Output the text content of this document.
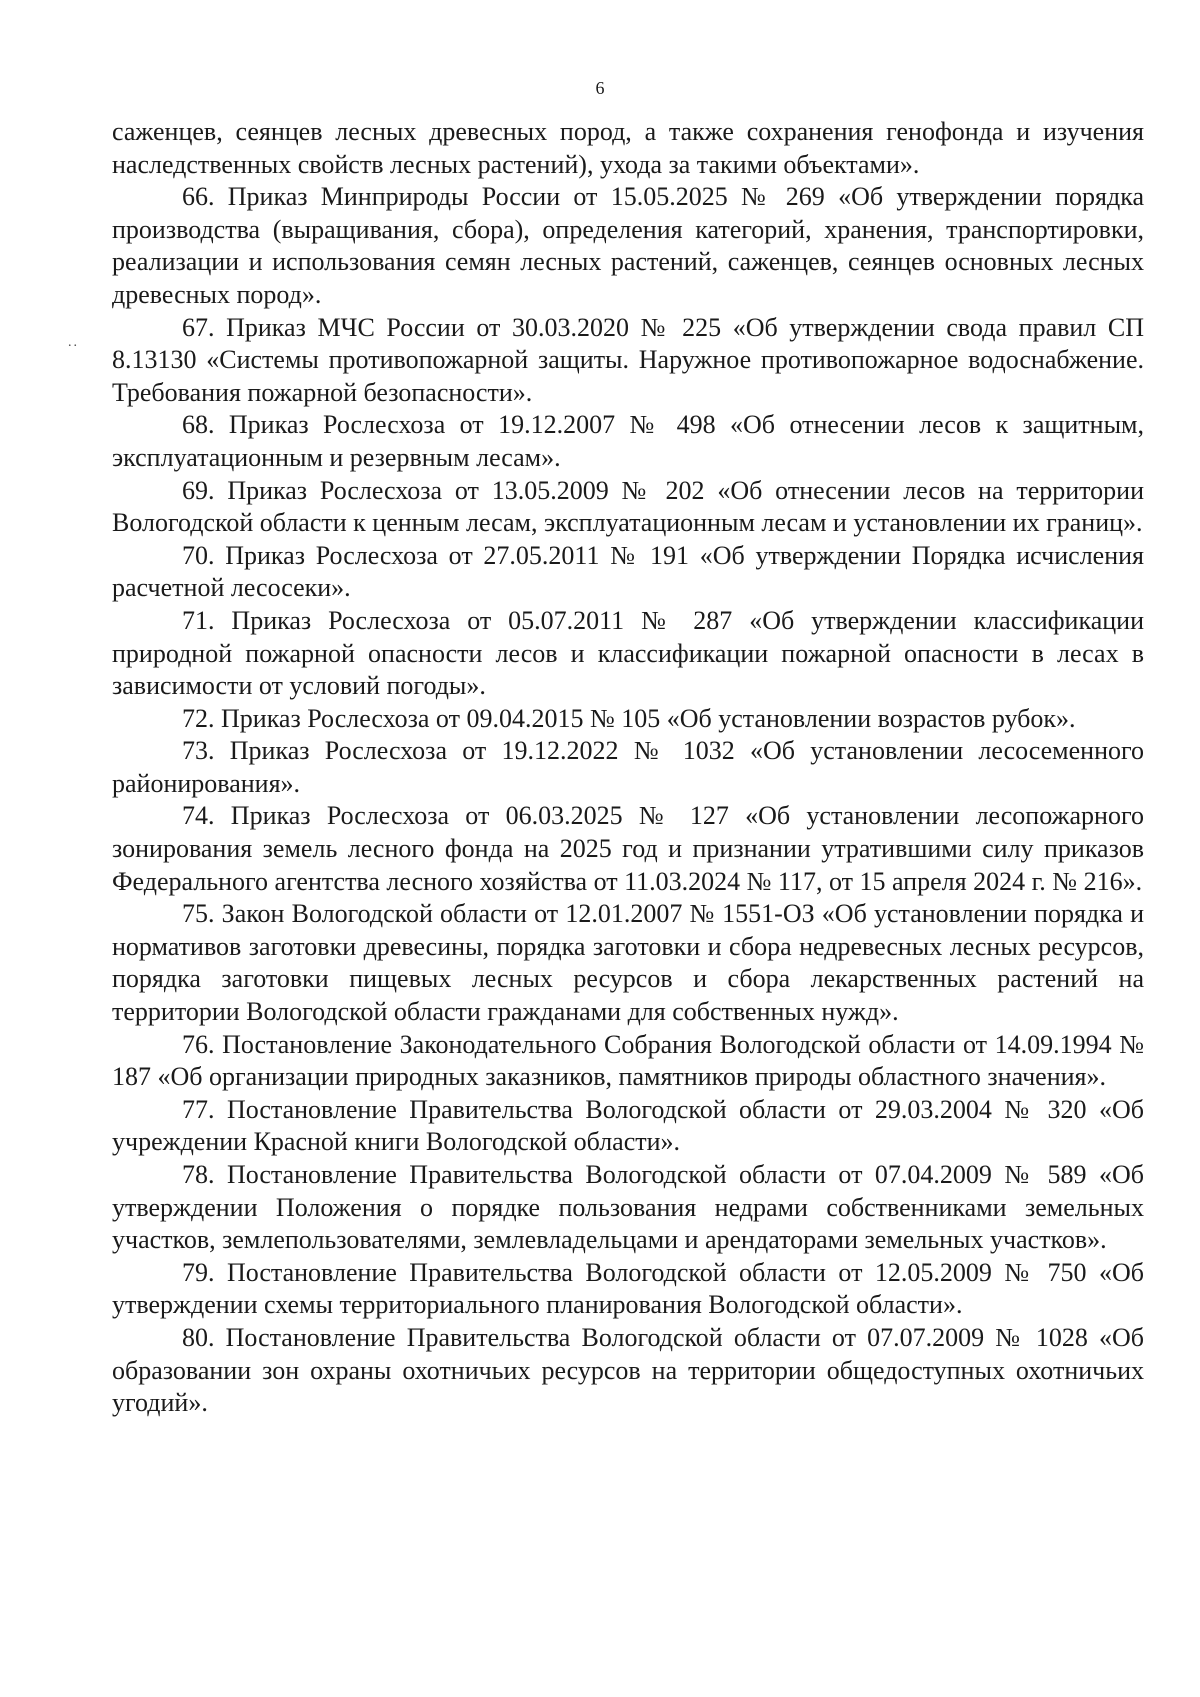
6
..

саженцев, сеянцев лесных древесных пород, а также сохранения генофонда и изучения наследственных свойств лесных растений), ухода за такими объектами».

66. Приказ Минприроды России от 15.05.2025 № 269 «Об утверждении порядка производства (выращивания, сбора), определения категорий, хранения, транспортировки, реализации и использования семян лесных растений, саженцев, сеянцев основных лесных древесных пород».

67. Приказ МЧС России от 30.03.2020 № 225 «Об утверждении свода правил СП 8.13130 «Системы противопожарной защиты. Наружное противопожарное водоснабжение. Требования пожарной безопасности».

68. Приказ Рослесхоза от 19.12.2007 № 498 «Об отнесении лесов к защитным, эксплуатационным и резервным лесам».

69. Приказ Рослесхоза от 13.05.2009 № 202 «Об отнесении лесов на территории Вологодской области к ценным лесам, эксплуатационным лесам и установлении их границ».

70. Приказ Рослесхоза от 27.05.2011 № 191 «Об утверждении Порядка исчисления расчетной лесосеки».

71. Приказ Рослесхоза от 05.07.2011 № 287 «Об утверждении классификации природной пожарной опасности лесов и классификации пожарной опасности в лесах в зависимости от условий погоды».

72. Приказ Рослесхоза от 09.04.2015 № 105 «Об установлении возрастов рубок».

73. Приказ Рослесхоза от 19.12.2022 № 1032 «Об установлении лесосеменного районирования».

74. Приказ Рослесхоза от 06.03.2025 № 127 «Об установлении лесопожарного зонирования земель лесного фонда на 2025 год и признании утратившими силу приказов Федерального агентства лесного хозяйства от 11.03.2024 № 117, от 15 апреля 2024 г. № 216».

75. Закон Вологодской области от 12.01.2007 № 1551-ОЗ «Об установлении порядка и нормативов заготовки древесины, порядка заготовки и сбора недревесных лесных ресурсов, порядка заготовки пищевых лесных ресурсов и сбора лекарственных растений на территории Вологодской области гражданами для собственных нужд».

76. Постановление Законодательного Собрания Вологодской области от 14.09.1994 № 187 «Об организации природных заказников, памятников природы областного значения».

77. Постановление Правительства Вологодской области от 29.03.2004 № 320 «Об учреждении Красной книги Вологодской области».

78. Постановление Правительства Вологодской области от 07.04.2009 № 589 «Об утверждении Положения о порядке пользования недрами собственниками земельных участков, землепользователями, землевладельцами и арендаторами земельных участков».

79. Постановление Правительства Вологодской области от 12.05.2009 № 750 «Об утверждении схемы территориального планирования Вологодской области».

80. Постановление Правительства Вологодской области от 07.07.2009 № 1028 «Об образовании зон охраны охотничьих ресурсов на территории общедоступных охотничьих угодий».
